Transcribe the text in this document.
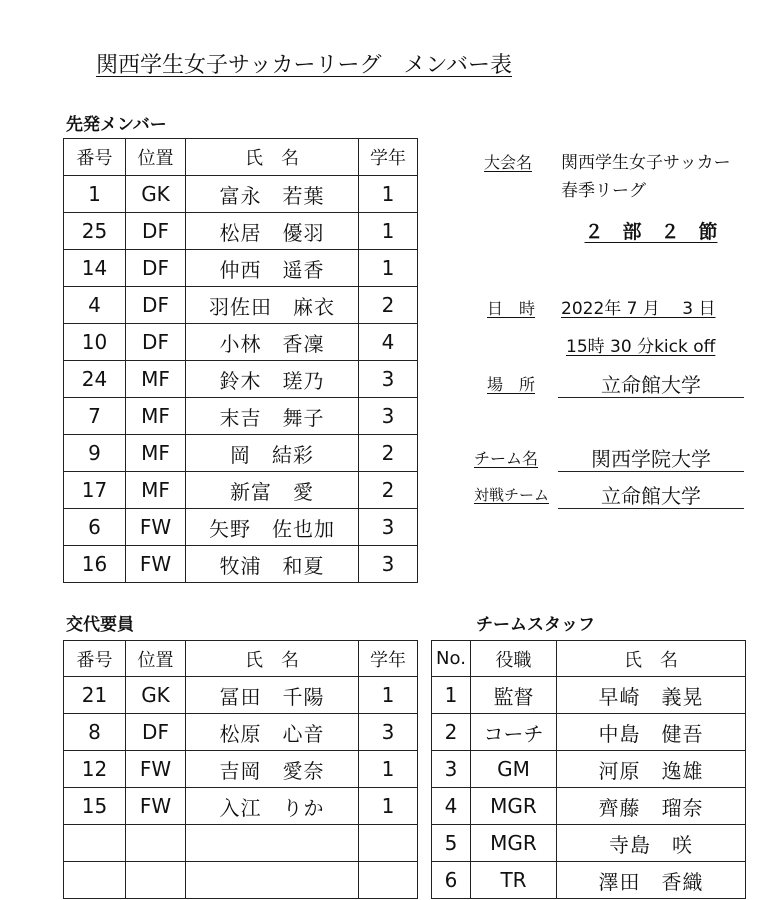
関西学生女子サッカーリーグ　メンバー表
先発メンバー
番号	位置	氏　名	学年
1	GK	富永　若葉	1
25	DF	松居　優羽	1
14	DF	仲西　遥香	1
4	DF	羽佐田　麻衣	2
10	DF	小林　香凜	4
24	MF	鈴木　瑳乃	3
7	MF	末吉　舞子	3
9	MF	岡　結彩	2
17	MF	新富　愛	2
6	FW	矢野　佐也加	3
16	FW	牧浦　和夏	3
交代要員
番号	位置	氏　名	学年
21	GK	冨田　千陽	1
8	DF	松原　心音	3
12	FW	吉岡　愛奈	1
15	FW	入江　りか	1

チームスタッフ
No.	役職	氏　名
1	監督	早崎　義晃
2	コーチ	中島　健吾
3	GM	河原　逸雄
4	MGR	齊藤　瑠奈
5	MGR	寺島　咲
6	TR	澤田　香織
大会名 関西学生女子サッカー
春季リーグ
２　部　２　節
日　時 2022年 7 月　 3 日
15時 30 分kick off
場　所	立命館大学
チーム名	関西学院大学
対戦チーム	立命館大学
